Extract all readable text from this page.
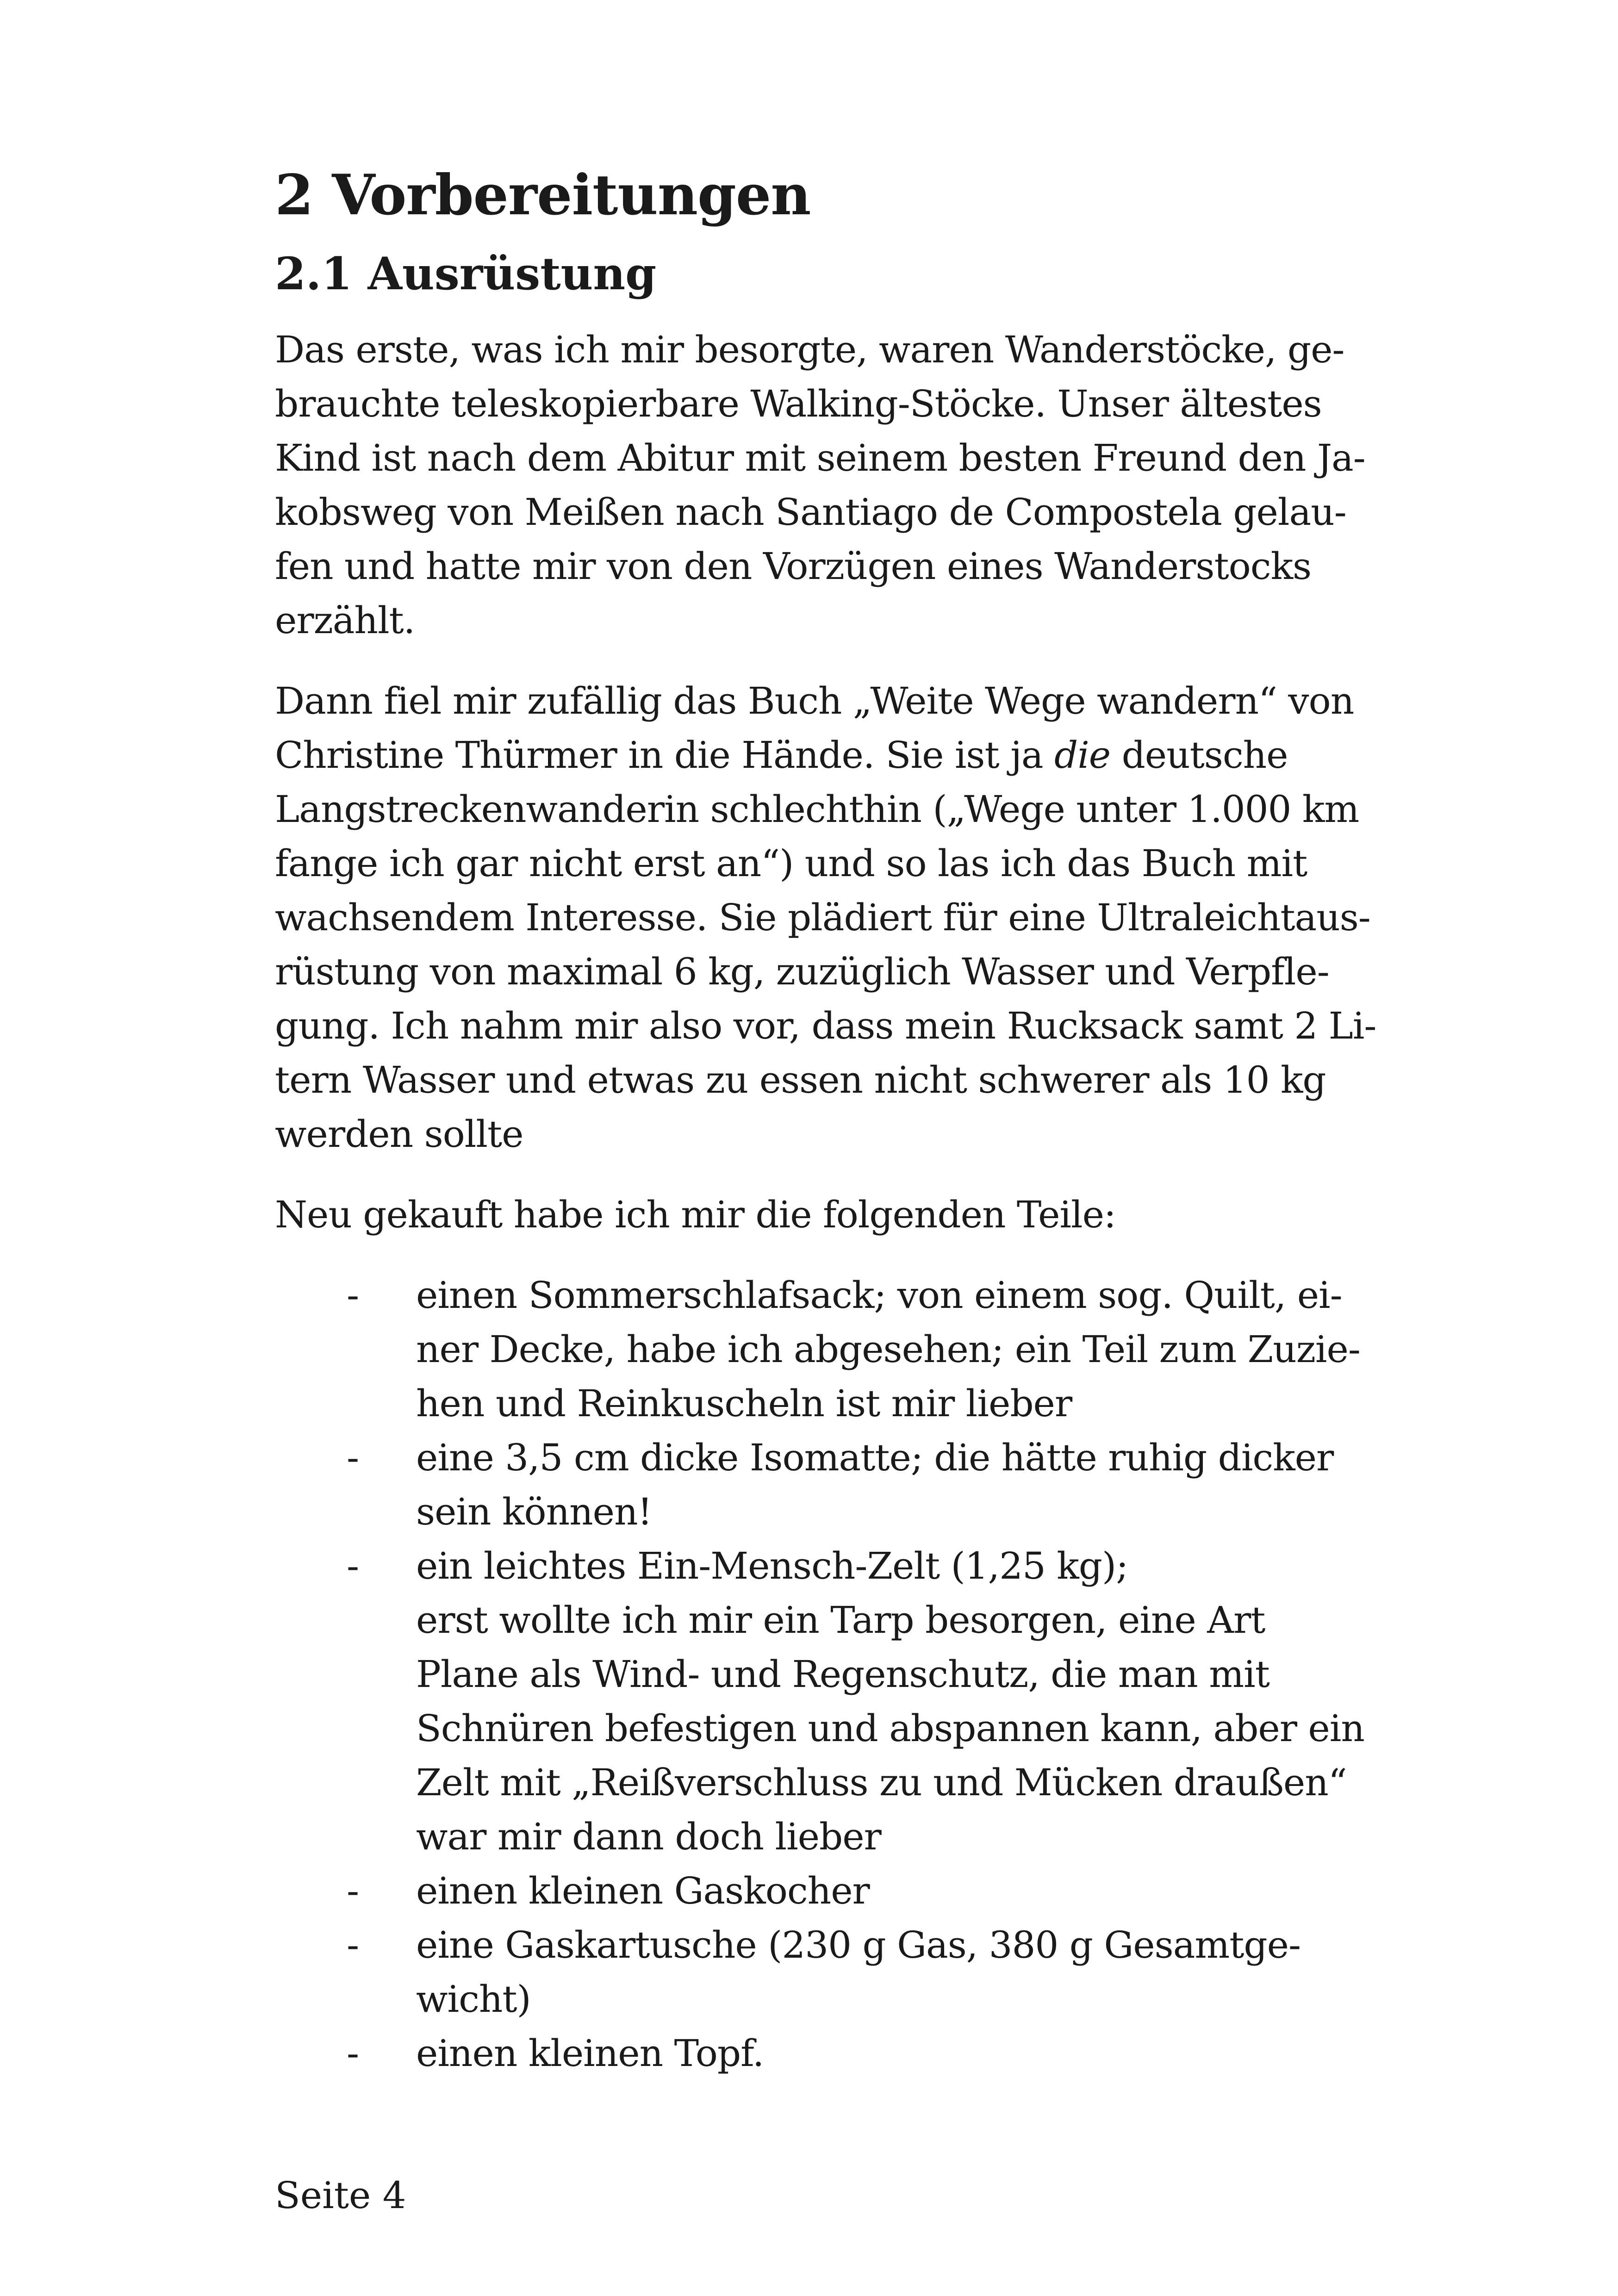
2 Vorbereitungen
2.1 Ausrüstung
Das erste, was ich mir besorgte, waren Wanderstöcke, ge-
brauchte teleskopierbare Walking-Stöcke. Unser ältestes
Kind ist nach dem Abitur mit seinem besten Freund den Ja-
kobsweg von Meißen nach Santiago de Compostela gelau-
fen und hatte mir von den Vorzügen eines Wanderstocks
erzählt.
Dann fiel mir zufällig das Buch „Weite Wege wandern“ von
Christine Thürmer in die Hände. Sie ist ja die deutsche
Langstreckenwanderin schlechthin („Wege unter 1.000 km
fange ich gar nicht erst an“) und so las ich das Buch mit
wachsendem Interesse. Sie plädiert für eine Ultraleichtaus-
rüstung von maximal 6 kg, zuzüglich Wasser und Verpfle-
gung. Ich nahm mir also vor, dass mein Rucksack samt 2 Li-
tern Wasser und etwas zu essen nicht schwerer als 10 kg
werden sollte
Neu gekauft habe ich mir die folgenden Teile:
- einen Sommerschlafsack; von einem sog. Quilt, ei-
ner Decke, habe ich abgesehen; ein Teil zum Zuzie-
hen und Reinkuscheln ist mir lieber
- eine 3,5 cm dicke Isomatte; die hätte ruhig dicker
sein können!
- ein leichtes Ein-Mensch-Zelt (1,25 kg);
erst wollte ich mir ein Tarp besorgen, eine Art
Plane als Wind- und Regenschutz, die man mit
Schnüren befestigen und abspannen kann, aber ein
Zelt mit „Reißverschluss zu und Mücken draußen“
war mir dann doch lieber
- einen kleinen Gaskocher
- eine Gaskartusche (230 g Gas, 380 g Gesamtge-
wicht)
- einen kleinen Topf.
Seite 4
